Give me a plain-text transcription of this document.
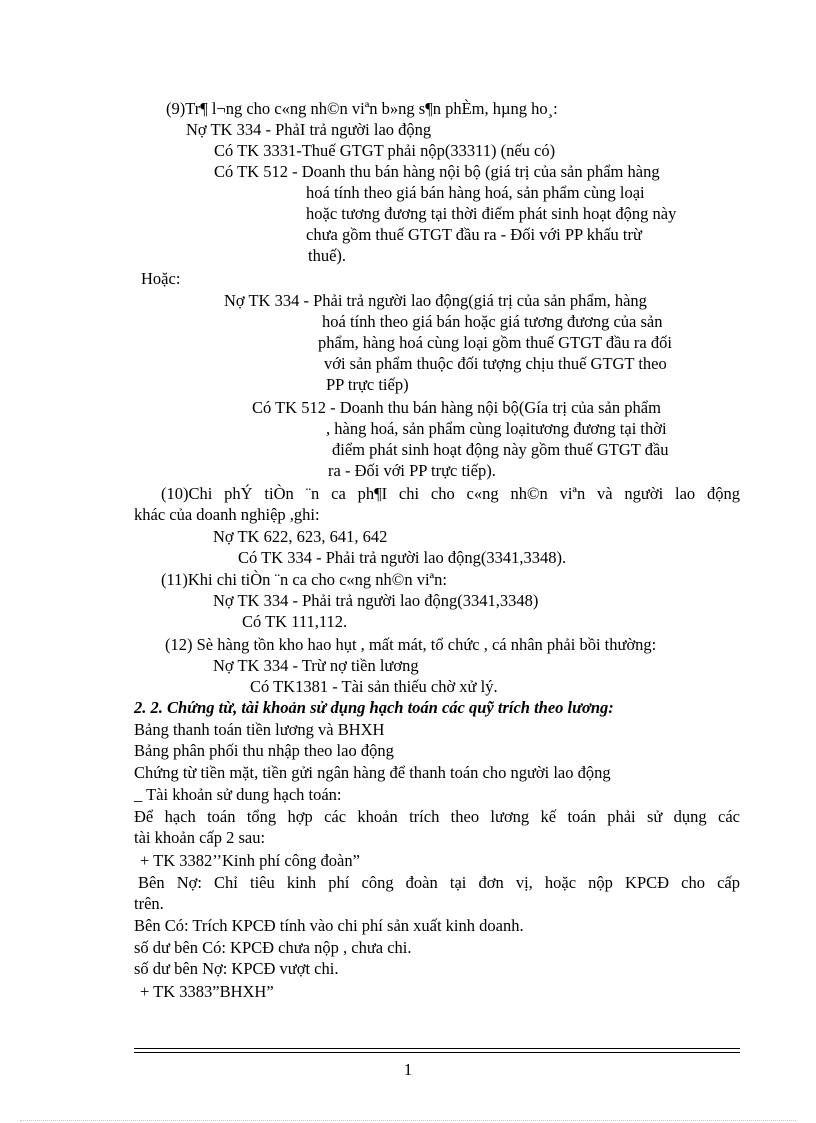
(9)Tr¶ l¬ng cho c«ng nh©n viªn b»ng s¶n phÈm, hµng ho¸:
Nợ TK 334 - PhảI trả người lao động
Có TK 3331-Thuế GTGT phải nộp(33311) (nếu có)
Có TK 512 - Doanh thu bán hàng nội bộ (giá trị của sản phẩm hàng
hoá tính theo giá bán hàng hoá, sản phẩm cùng loại
hoặc tương đương tại thời điểm phát sinh hoạt động này
chưa gồm thuế GTGT đầu ra - Đối với PP khấu trừ
thuế).
Hoặc:
Nợ TK 334 - Phải trả người lao động(giá trị của sản phẩm, hàng
hoá tính theo giá bán hoặc giá tương đương của sản
phẩm, hàng hoá cùng loại gồm thuế GTGT đầu ra đối
với sản phẩm thuộc đối tượng chịu thuế GTGT theo
PP trực tiếp)
Có TK 512 - Doanh thu bán hàng nội bộ(Gía trị của sản phẩm
, hàng hoá, sản phẩm cùng loạitương đương tại thời
điểm phát sinh hoạt động này gồm thuế GTGT đầu
ra - Đối với PP trực tiếp).
(10)Chi phÝ tiÒn ¨n ca ph¶I chi cho c«ng nh©n viªn và người lao động
khác của doanh nghiệp ,ghi:
Nợ TK 622, 623, 641, 642
Có TK 334 - Phải trả người lao động(3341,3348).
(11)Khi chi tiÒn ¨n ca cho c«ng nh©n viªn:
Nợ TK 334 - Phải trả người lao động(3341,3348)
Có TK 111,112.
(12) Sè hàng tồn kho hao hụt , mất mát, tổ chức , cá nhân phải bồi thường:
Nợ TK 334 - Trừ nợ tiền lương
Có TK1381 - Tài sản thiếu chờ xử lý.
2. 2. Chứng từ, tài khoản sử dụng hạch toán các quỹ trích theo lương:
Bảng thanh toán tiền lương và BHXH
Bảng phân phối thu nhập theo lao động
Chứng từ tiền mặt, tiền gửi ngân hàng để thanh toán cho người lao động
_ Tài khoản sử dung hạch toán:
Để hạch toán tổng hợp các khoản trích theo lương kế toán phải sử dụng các
tài khoản cấp 2 sau:
+ TK 3382’’Kinh phí công đoàn”
Bên Nợ: Chỉ tiêu kinh phí công đoàn tại đơn vị, hoặc nộp KPCĐ cho cấp
trên.
Bên Có: Trích KPCĐ tính vào chi phí sản xuất kinh doanh.
số dư bên Có: KPCĐ chưa nộp , chưa chi.
số dư bên Nợ: KPCĐ vượt chi.
+ TK 3383”BHXH”
1
